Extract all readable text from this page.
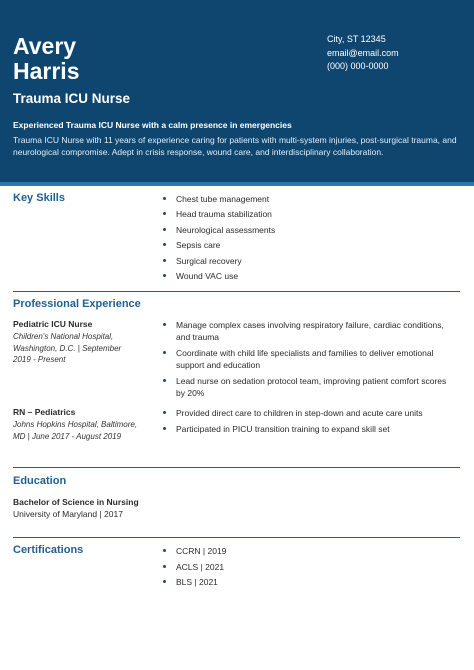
Avery
Harris
Trauma ICU Nurse
City, ST 12345
email@email.com
(000) 000-0000
Experienced Trauma ICU Nurse with a calm presence in emergencies
Trauma ICU Nurse with 11 years of experience caring for patients with multi-system injuries, post-surgical trauma, and neurological compromise. Adept in crisis response, wound care, and interdisciplinary collaboration.
Key Skills	Chest tube management
Head trauma stabilization
Neurological assessments
Sepsis care
Surgical recovery
Wound VAC use
Professional Experience
Pediatric ICU Nurse
Children's National Hospital, Washington, D.C. | September 2019 - Present
Manage complex cases involving respiratory failure, cardiac conditions, and trauma
Coordinate with child life specialists and families to deliver emotional support and education
Lead nurse on sedation protocol team, improving patient comfort scores by 20%
RN – Pediatrics
Johns Hopkins Hospital, Baltimore, MD | June 2017 - August 2019
Provided direct care to children in step-down and acute care units
Participated in PICU transition training to expand skill set
Education
Bachelor of Science in Nursing
University of Maryland | 2017
Certifications	CCRN | 2019
ACLS | 2021
BLS | 2021
